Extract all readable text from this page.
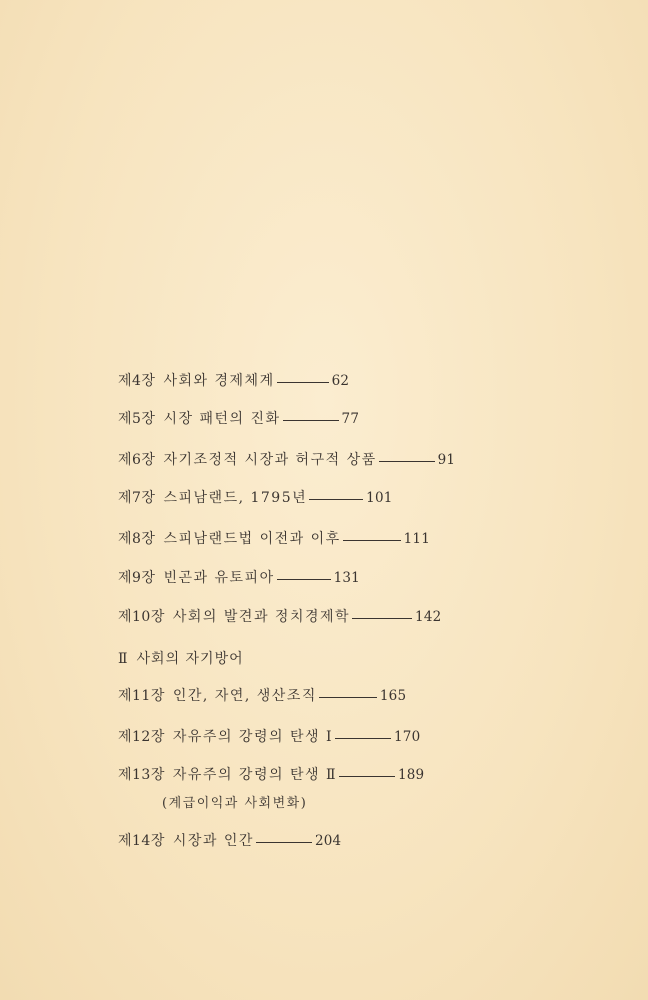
제4장 사회와 경제체계	62
제5장 시장 패턴의 진화	77
제6장 자기조정적 시장과 허구적 상품	91
제7장 스피남랜드, 1795년	101
제8장 스피남랜드법 이전과 이후	111
제9장 빈곤과 유토피아	131
제10장 사회의 발견과 정치경제학	142
Ⅱ 사회의 자기방어
제11장 인간, 자연, 생산조직	165
제12장 자유주의 강령의 탄생 Ⅰ	170
제13장 자유주의 강령의 탄생 Ⅱ	189
(계급이익과 사회변화)
제14장 시장과 인간	204
